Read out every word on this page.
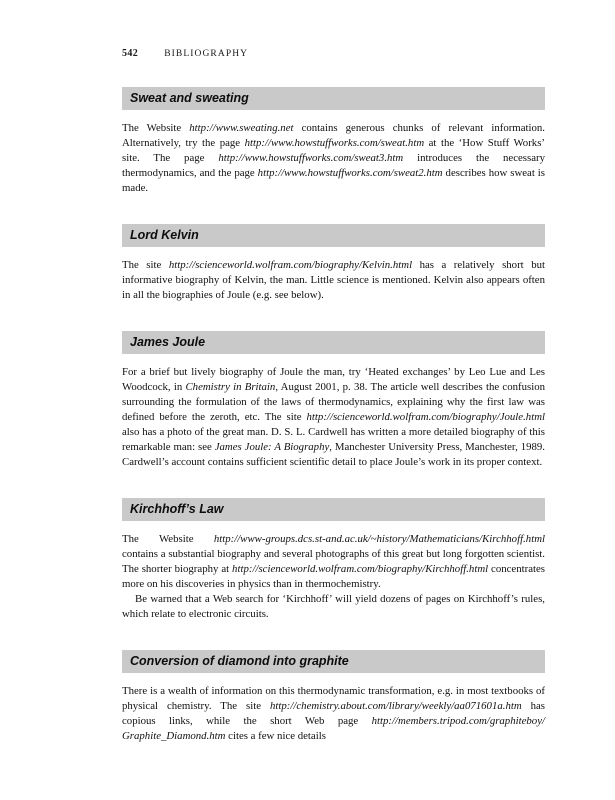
542	BIBLIOGRAPHY
Sweat and sweating

The Website http://www.sweating.net contains generous chunks of relevant information. Alternatively, try the page http://www.howstuffworks.com/sweat.htm at the ‘How Stuff Works’ site. The page http://www.howstuffworks.com/sweat3.htm introduces the necessary thermodynamics, and the page http://www.howstuffworks.com/sweat2.htm describes how sweat is made.

Lord Kelvin

The site http://scienceworld.wolfram.com/biography/Kelvin.html has a relatively short but informative biography of Kelvin, the man. Little science is mentioned. Kelvin also appears often in all the biographies of Joule (e.g. see below).

James Joule

For a brief but lively biography of Joule the man, try ‘Heated exchanges’ by Leo Lue and Les Woodcock, in Chemistry in Britain, August 2001, p. 38. The article well describes the confusion surrounding the formulation of the laws of thermodynamics, explaining why the first law was defined before the zeroth, etc. The site http://scienceworld.wolfram.com/biography/Joule.html also has a photo of the great man. D. S. L. Cardwell has written a more detailed biography of this remarkable man: see James Joule: A Biography, Manchester University Press, Manchester, 1989. Cardwell’s account contains sufficient scientific detail to place Joule’s work in its proper context.

Kirchhoff’s Law

The Website http://www-groups.dcs.st-and.ac.uk/~history/Mathematicians/Kirchhoff.html contains a substantial biography and several photographs of this great but long forgotten scientist. The shorter biography at http://scienceworld.wolfram.com/biography/Kirchhoff.html concentrates more on his discoveries in physics than in thermochemistry.

Be warned that a Web search for ‘Kirchhoff’ will yield dozens of pages on Kirchhoff’s rules, which relate to electronic circuits.

Conversion of diamond into graphite

There is a wealth of information on this thermodynamic transformation, e.g. in most textbooks of physical chemistry. The site http://chemistry.about.com/library/weekly/aa071601a.htm has copious links, while the short Web page http://members.tripod.com/graphiteboy/Graphite_Diamond.htm cites a few nice details
